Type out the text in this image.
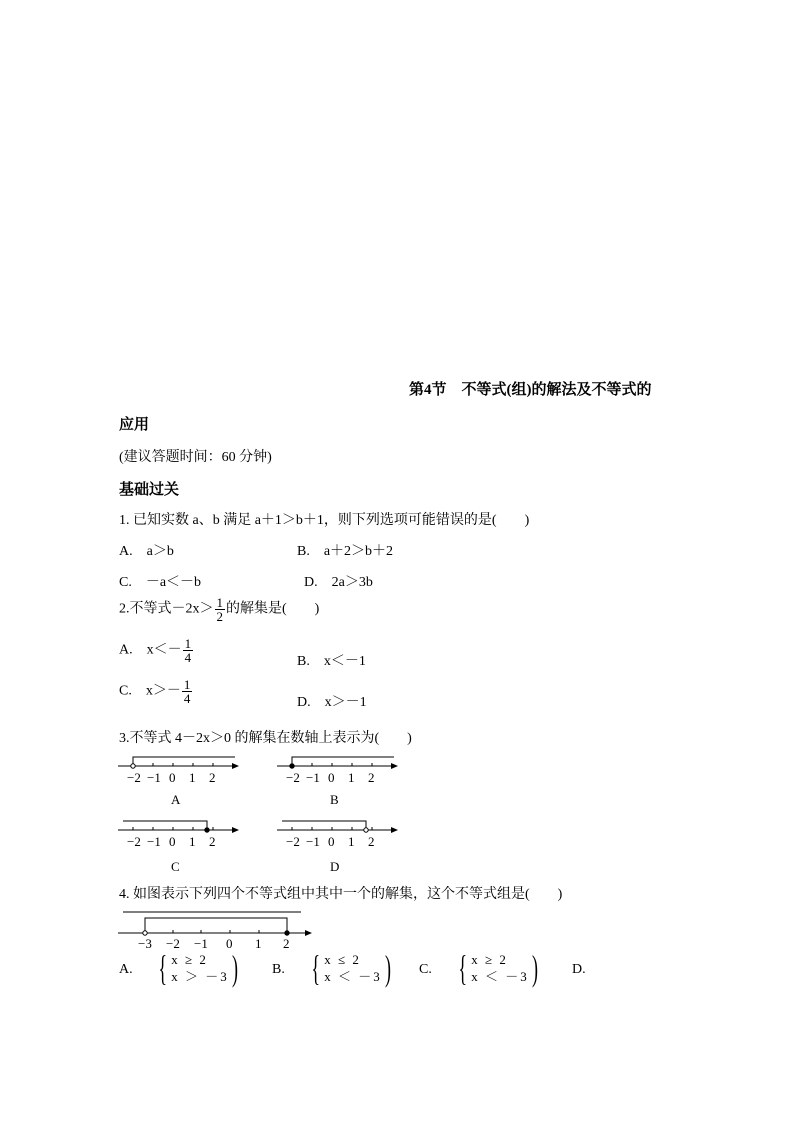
第4节　不等式(组)的解法及不等式的
应用
(建议答题时间：60 分钟)
基础过关
1. 已知实数 a、b 满足 a＋1＞b＋1，则下列选项可能错误的是(　　)
A.　a＞b	B.　a＋2＞b＋2
C.　－a＜－b	D.　2a＞3b
2.不等式$-2x> \frac{1}{2}$ 的解集是(　　)
A.　$x<- \frac{1}{4}$	B.　x＜－1
C.　$x>- \frac{1}{4}$	D.　x＞－1
3.不等式 4－2x＞0 的解集在数轴上表示为(　　)
−2 −1 0 1 2
A
−2 −1 0 1 2
B
−2 −1 0 1 2
C
−2 −1 0 1 2
D
4. 如图表示下列四个不等式组中其中一个的解集，这个不等式组是(　　)
−3 −2 −1 0 1 2
A. { x ≥ 2
x ＞ －3 ) B. { x ≤ 2
x ＜ －3 ) C. { x ≥ 2
x ＜ －3 ) D.
